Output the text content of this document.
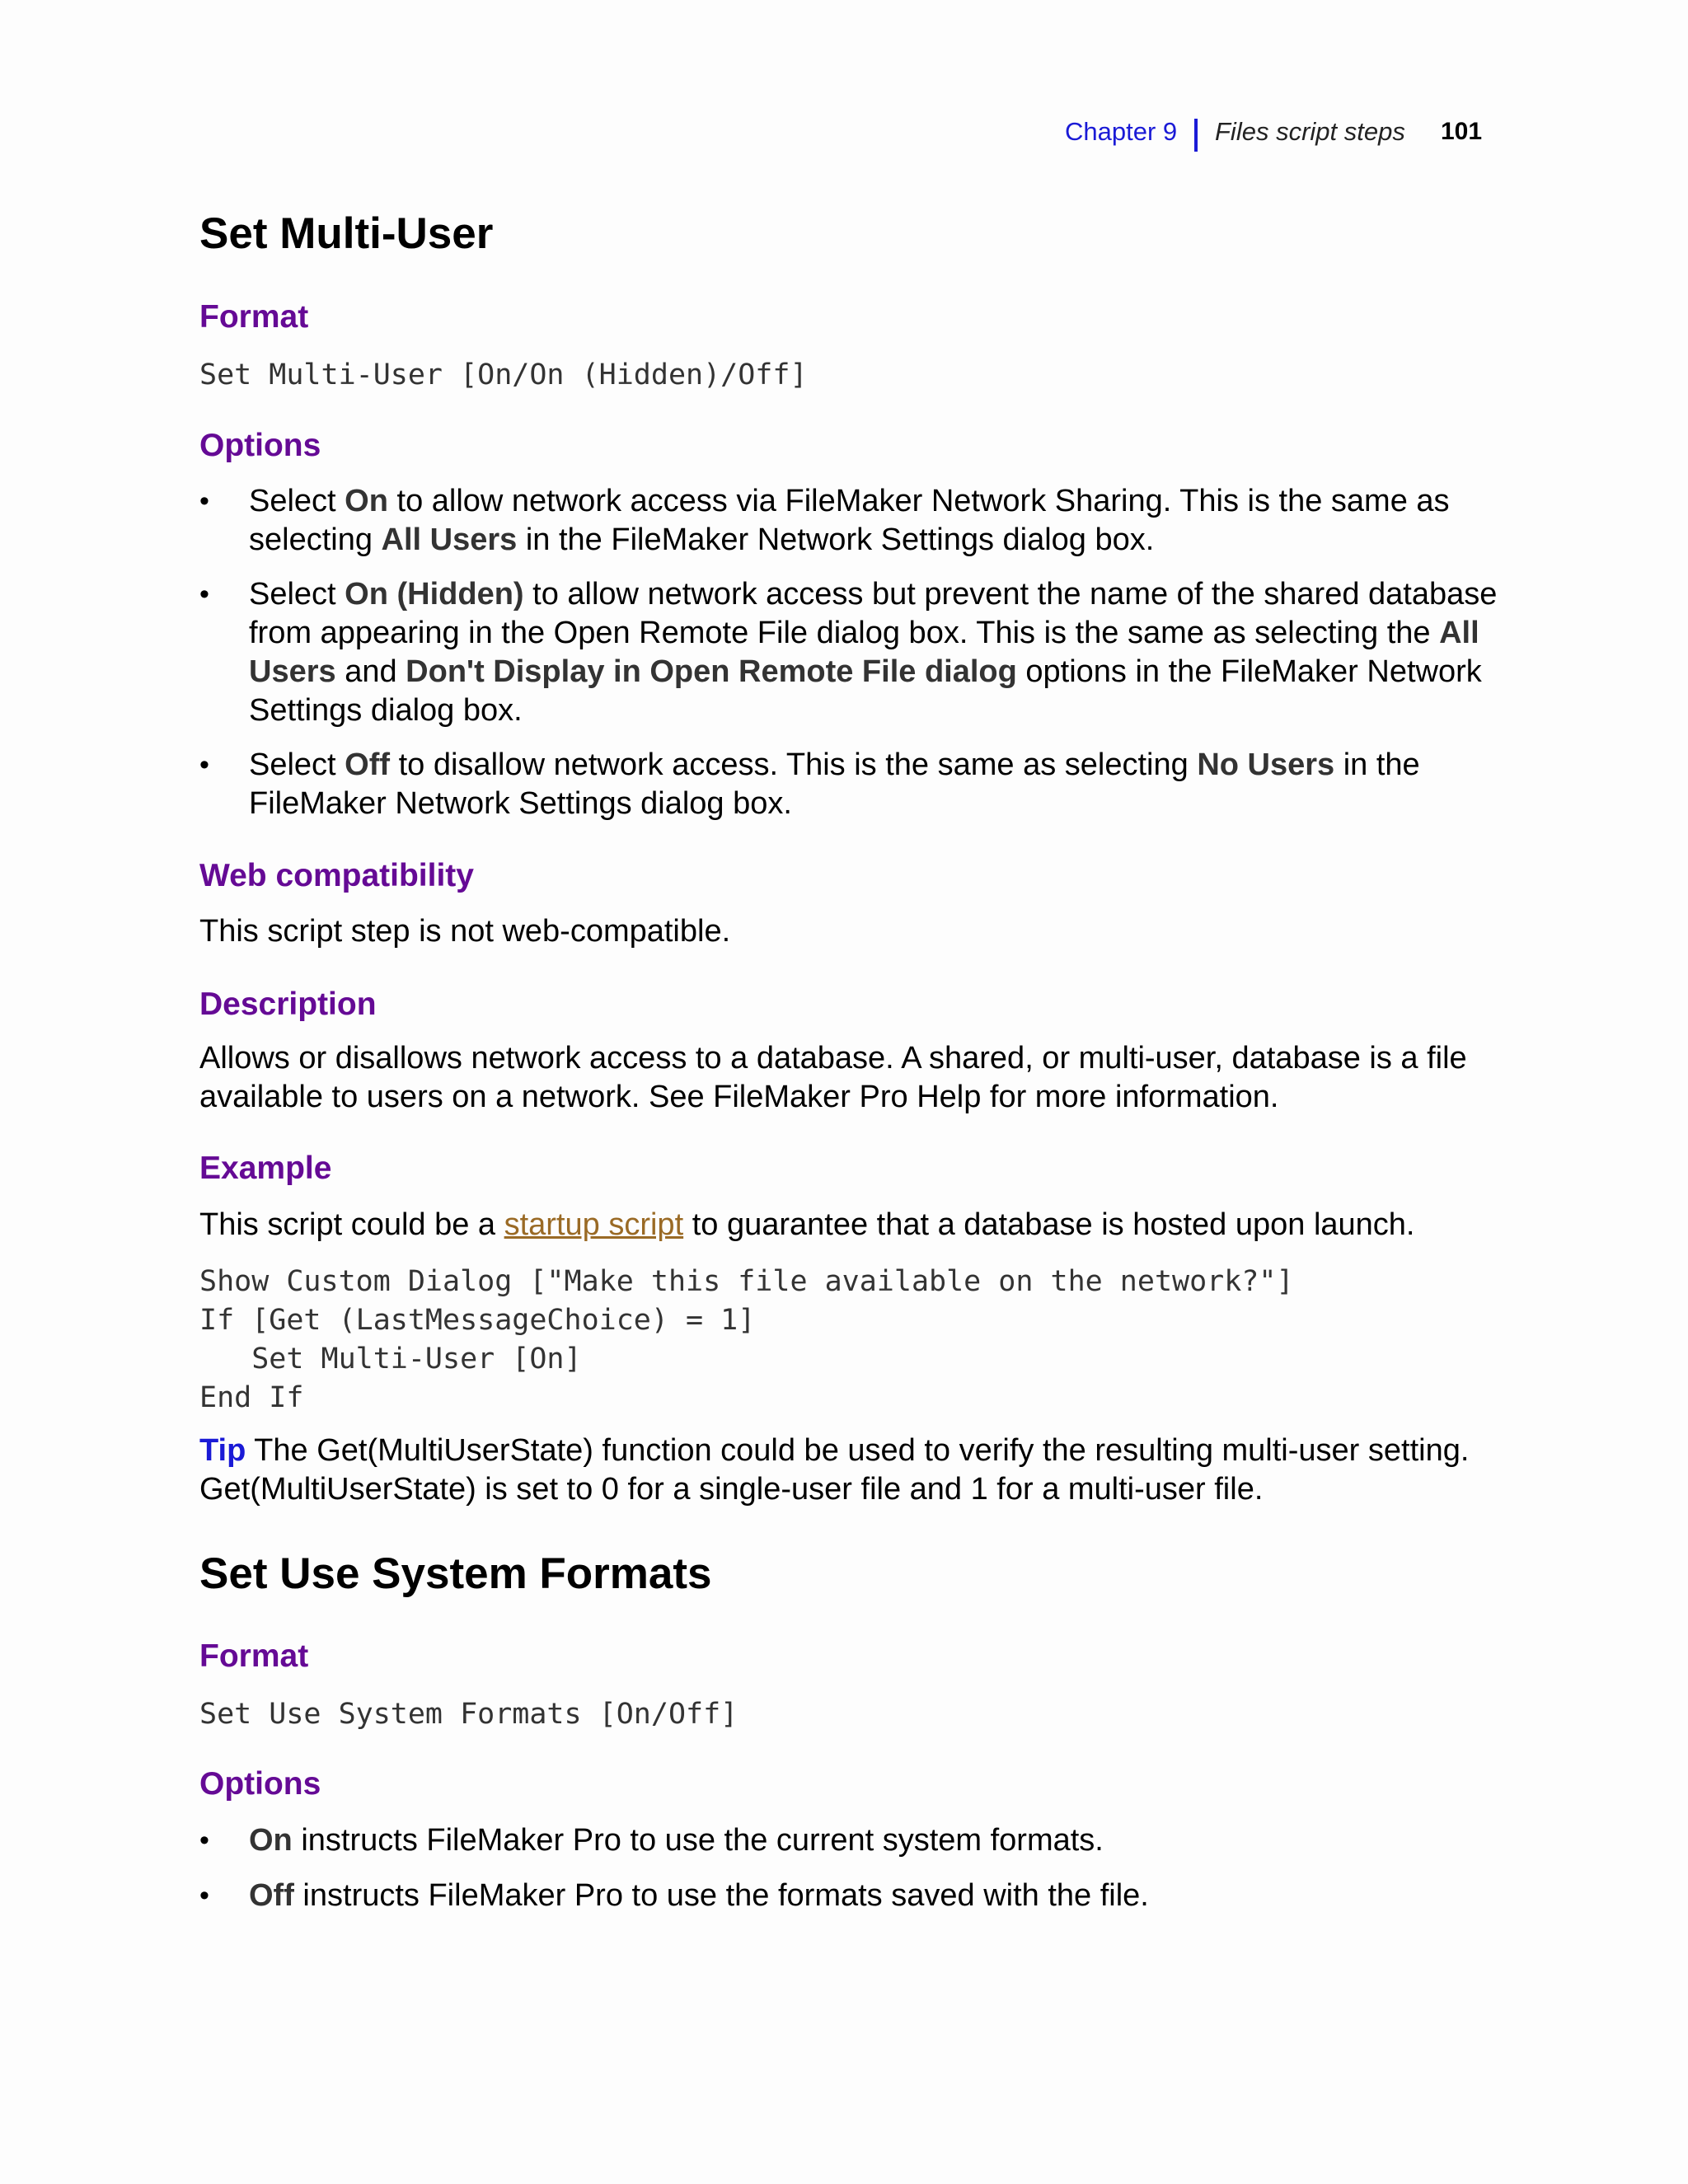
Chapter 9 Files script steps 101
Set Multi-User
Format
Set Multi-User [On/On (Hidden)/Off]
Options
• Select On to allow network access via FileMaker Network Sharing. This is the same as selecting All Users in the FileMaker Network Settings dialog box.
• Select On (Hidden) to allow network access but prevent the name of the shared database from appearing in the Open Remote File dialog box. This is the same as selecting the All Users and Don't Display in Open Remote File dialog options in the FileMaker Network Settings dialog box.
• Select Off to disallow network access. This is the same as selecting No Users in the FileMaker Network Settings dialog box.
Web compatibility

This script step is not web-compatible.

Description

Allows or disallows network access to a database. A shared, or multi-user, database is a file available to users on a network. See FileMaker Pro Help for more information.

Example

This script could be a startup script to guarantee that a database is hosted upon launch.

Show Custom Dialog ["Make this file available on the network?"]
If [Get (LastMessageChoice) = 1]
Set Multi-User [On]
End If

Tip The Get(MultiUserState) function could be used to verify the resulting multi-user setting. Get(MultiUserState) is set to 0 for a single-user file and 1 for a multi-user file.

Set Use System Formats
Format
Set Use System Formats [On/Off]
Options
• On instructs FileMaker Pro to use the current system formats.
• Off instructs FileMaker Pro to use the formats saved with the file.
